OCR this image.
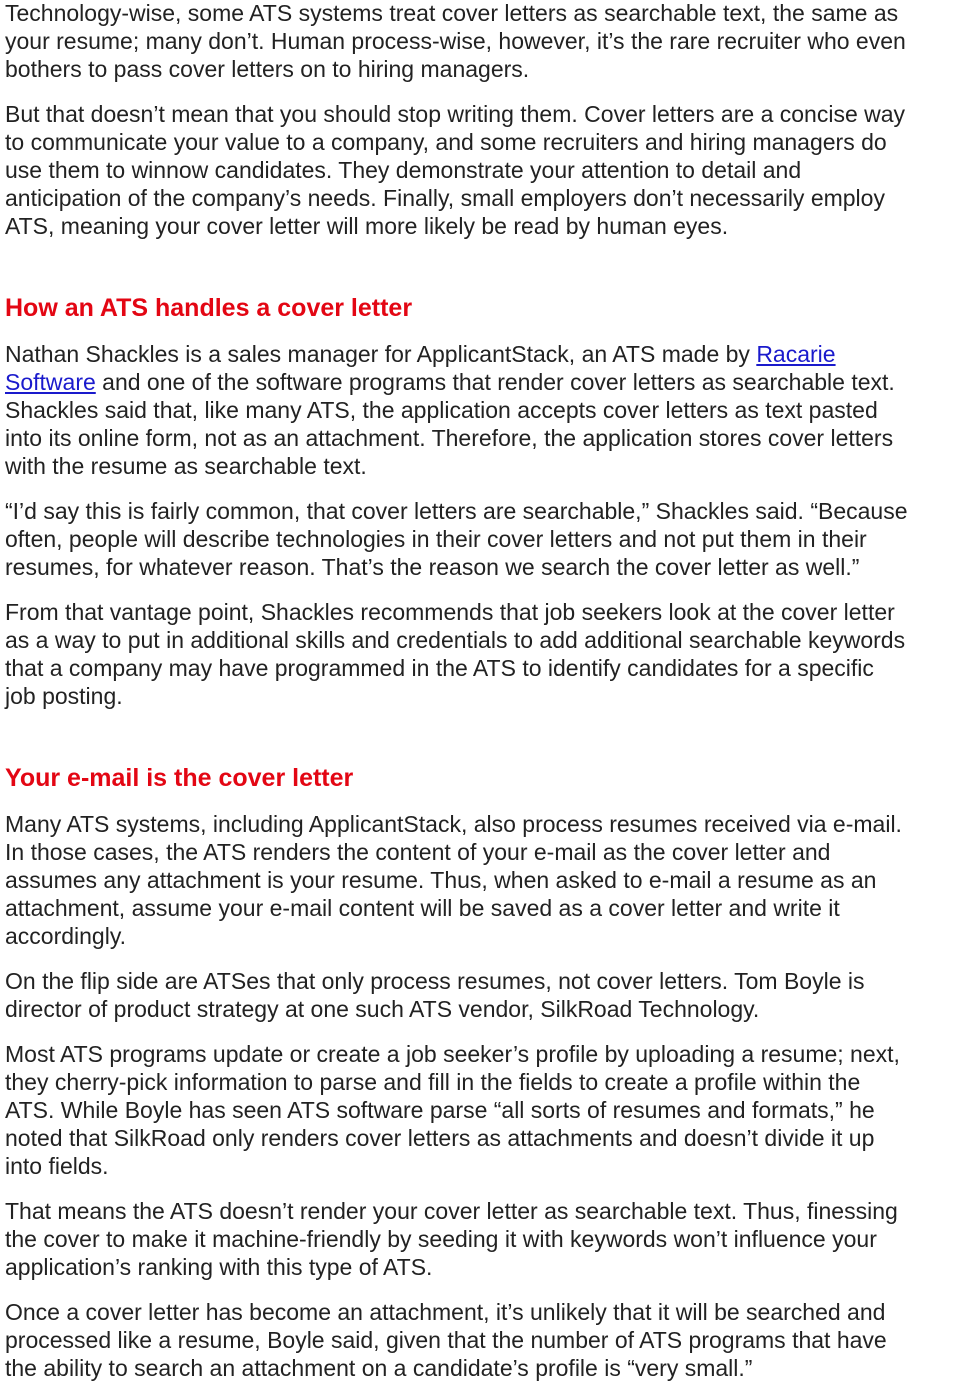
Technology-wise, some ATS systems treat cover letters as searchable text, the same as
your resume; many don’t. Human process-wise, however, it’s the rare recruiter who even
bothers to pass cover letters on to hiring managers.
But that doesn’t mean that you should stop writing them. Cover letters are a concise way
to communicate your value to a company, and some recruiters and hiring managers do
use them to winnow candidates. They demonstrate your attention to detail and
anticipation of the company’s needs. Finally, small employers don’t necessarily employ
ATS, meaning your cover letter will more likely be read by human eyes.
How an ATS handles a cover letter
Nathan Shackles is a sales manager for ApplicantStack, an ATS made by Racarie
Software and one of the software programs that render cover letters as searchable text.
Shackles said that, like many ATS, the application accepts cover letters as text pasted
into its online form, not as an attachment. Therefore, the application stores cover letters
with the resume as searchable text.
“I’d say this is fairly common, that cover letters are searchable,” Shackles said. “Because
often, people will describe technologies in their cover letters and not put them in their
resumes, for whatever reason. That’s the reason we search the cover letter as well.”
From that vantage point, Shackles recommends that job seekers look at the cover letter
as a way to put in additional skills and credentials to add additional searchable keywords
that a company may have programmed in the ATS to identify candidates for a specific
job posting.
Your e-mail is the cover letter
Many ATS systems, including ApplicantStack, also process resumes received via e-mail.
In those cases, the ATS renders the content of your e-mail as the cover letter and
assumes any attachment is your resume. Thus, when asked to e-mail a resume as an
attachment, assume your e-mail content will be saved as a cover letter and write it
accordingly.
On the flip side are ATSes that only process resumes, not cover letters. Tom Boyle is
director of product strategy at one such ATS vendor, SilkRoad Technology.
Most ATS programs update or create a job seeker’s profile by uploading a resume; next,
they cherry-pick information to parse and fill in the fields to create a profile within the
ATS. While Boyle has seen ATS software parse “all sorts of resumes and formats,” he
noted that SilkRoad only renders cover letters as attachments and doesn’t divide it up
into fields.
That means the ATS doesn’t render your cover letter as searchable text. Thus, finessing
the cover to make it machine-friendly by seeding it with keywords won’t influence your
application’s ranking with this type of ATS.
Once a cover letter has become an attachment, it’s unlikely that it will be searched and
processed like a resume, Boyle said, given that the number of ATS programs that have
the ability to search an attachment on a candidate’s profile is “very small.”
